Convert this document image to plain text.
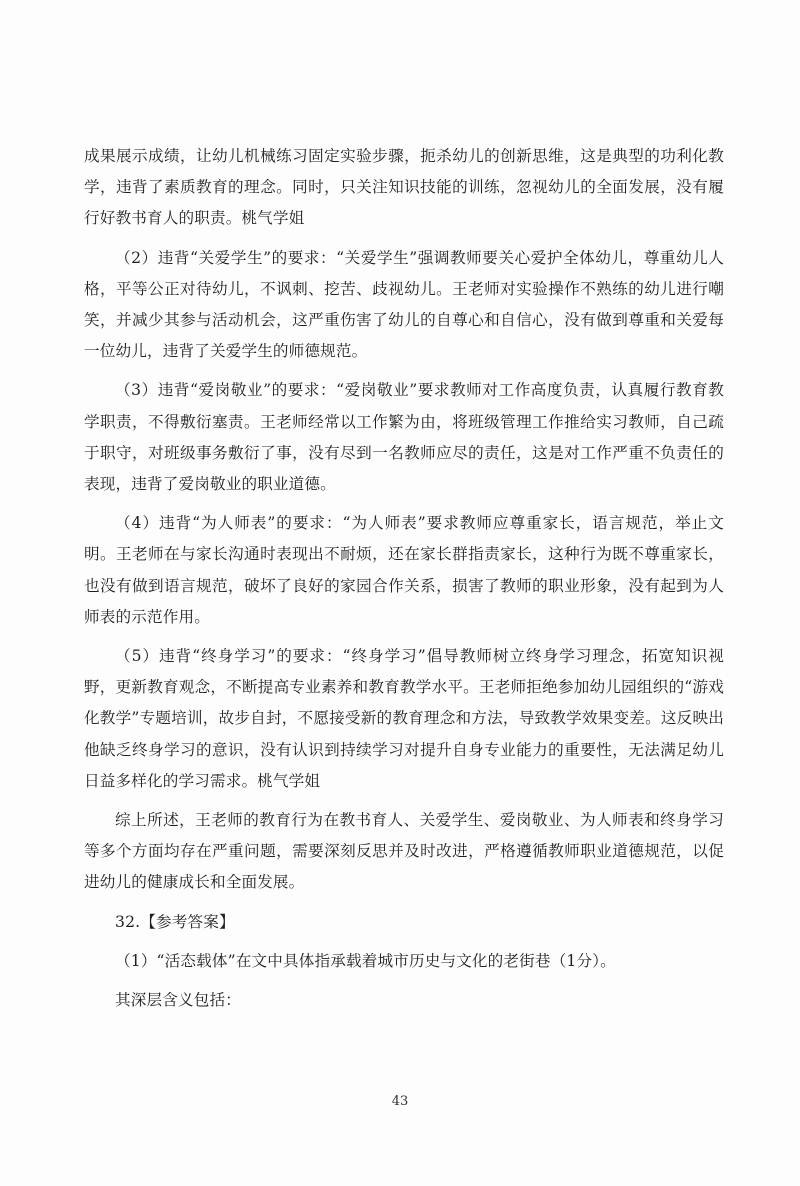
成果展示成绩，让幼儿机械练习固定实验步骤，扼杀幼儿的创新思维，这是典型的功利化教学，违背了素质教育的理念。同时，只关注知识技能的训练，忽视幼儿的全面发展，没有履行好教书育人的职责。桃气学姐

（2）违背“关爱学生”的要求：“关爱学生”强调教师要关心爱护全体幼儿，尊重幼儿人格，平等公正对待幼儿，不讽刺、挖苦、歧视幼儿。王老师对实验操作不熟练的幼儿进行嘲笑，并减少其参与活动机会，这严重伤害了幼儿的自尊心和自信心，没有做到尊重和关爱每一位幼儿，违背了关爱学生的师德规范。

（3）违背“爱岗敬业”的要求：“爱岗敬业”要求教师对工作高度负责，认真履行教育教学职责，不得敷衍塞责。王老师经常以工作繁为由，将班级管理工作推给实习教师，自己疏于职守，对班级事务敷衍了事，没有尽到一名教师应尽的责任，这是对工作严重不负责任的表现，违背了爱岗敬业的职业道德。

（4）违背“为人师表”的要求：“为人师表”要求教师应尊重家长，语言规范，举止文明。王老师在与家长沟通时表现出不耐烦，还在家长群指责家长，这种行为既不尊重家长，也没有做到语言规范，破坏了良好的家园合作关系，损害了教师的职业形象，没有起到为人师表的示范作用。

（5）违背“终身学习”的要求：“终身学习”倡导教师树立终身学习理念，拓宽知识视野，更新教育观念，不断提高专业素养和教育教学水平。王老师拒绝参加幼儿园组织的“游戏化教学”专题培训，故步自封，不愿接受新的教育理念和方法，导致教学效果变差。这反映出他缺乏终身学习的意识，没有认识到持续学习对提升自身专业能力的重要性，无法满足幼儿日益多样化的学习需求。桃气学姐

综上所述，王老师的教育行为在教书育人、关爱学生、爱岗敬业、为人师表和终身学习等多个方面均存在严重问题，需要深刻反思并及时改进，严格遵循教师职业道德规范，以促进幼儿的健康成长和全面发展。

32.【参考答案】

（1）“活态载体”在文中具体指承载着城市历史与文化的老街巷（1分）。

其深层含义包括：

43
